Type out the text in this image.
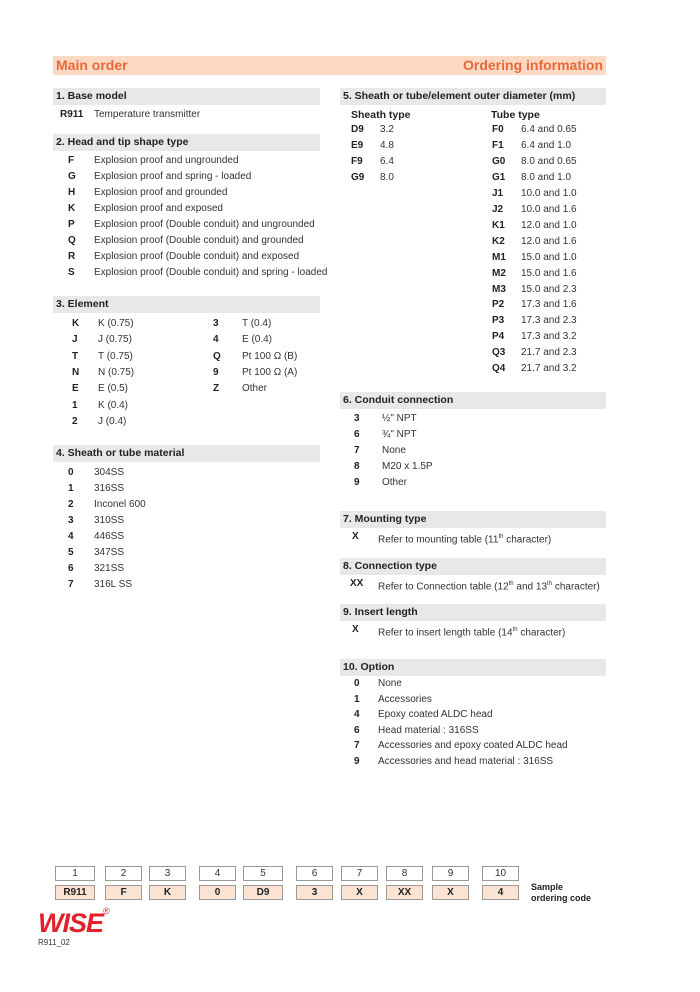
Main order	Ordering information
1. Base model
2. Head and tip shape type
3. Element
4. Sheath or tube material
5. Sheath or tube/element outer diameter (mm)
6. Conduit connection
7. Mounting type
8. Connection type
9. Insert length
10. Option
Sheath type	Tube type
X Refer to mounting table (11th character)
XX Refer to Connection table (12th and 13th character)
X Refer to insert length table (14th character)
R911 Temperature transmitter
F Explosion proof and ungrounded
G Explosion proof and spring - loaded
H Explosion proof and grounded
K Explosion proof and exposed
P Explosion proof (Double conduit) and ungrounded
Q Explosion proof (Double conduit) and grounded
R Explosion proof (Double conduit) and exposed
S Explosion proof (Double conduit) and spring - loaded
K K (0.75)
J J (0.75)
T T (0.75)
N N (0.75)
E E (0.5)
1 K (0.4)
2 J (0.4)
3 T (0.4)
4 E (0.4)
Q Pt 100 Ω (B)
9 Pt 100 Ω (A)
Z Other
0 304SS
1 316SS
2 Inconel 600
3 310SS
4 446SS
5 347SS
6 321SS
7 316L SS
D9 3.2
E9 4.8
F9 6.4
G9 8.0
F0 6.4 and 0.65
F1 6.4 and 1.0
G0 8.0 and 0.65
G1 8.0 and 1.0
J1 10.0 and 1.0
J2 10.0 and 1.6
K1 12.0 and 1.0
K2 12.0 and 1.6
M1 15.0 and 1.0
M2 15.0 and 1.6
M3 15.0 and 2.3
P2 17.3 and 1.6
P3 17.3 and 2.3
P4 17.3 and 3.2
Q3 21.7 and 2.3
Q4 21.7 and 3.2
3 ½" NPT
6 ¾" NPT
7 None
8 M20 x 1.5P
9 Other
0 None
1 Accessories
4 Epoxy coated ALDC head
6 Head material : 316SS
7 Accessories and epoxy coated ALDC head
9 Accessories and head material : 316SS
1
R911
2
F
3
K
4
0
5
D9
6
3
7
X
8
XX
9
X
10
4	Sample
ordering code
WISE ®
R911_02
